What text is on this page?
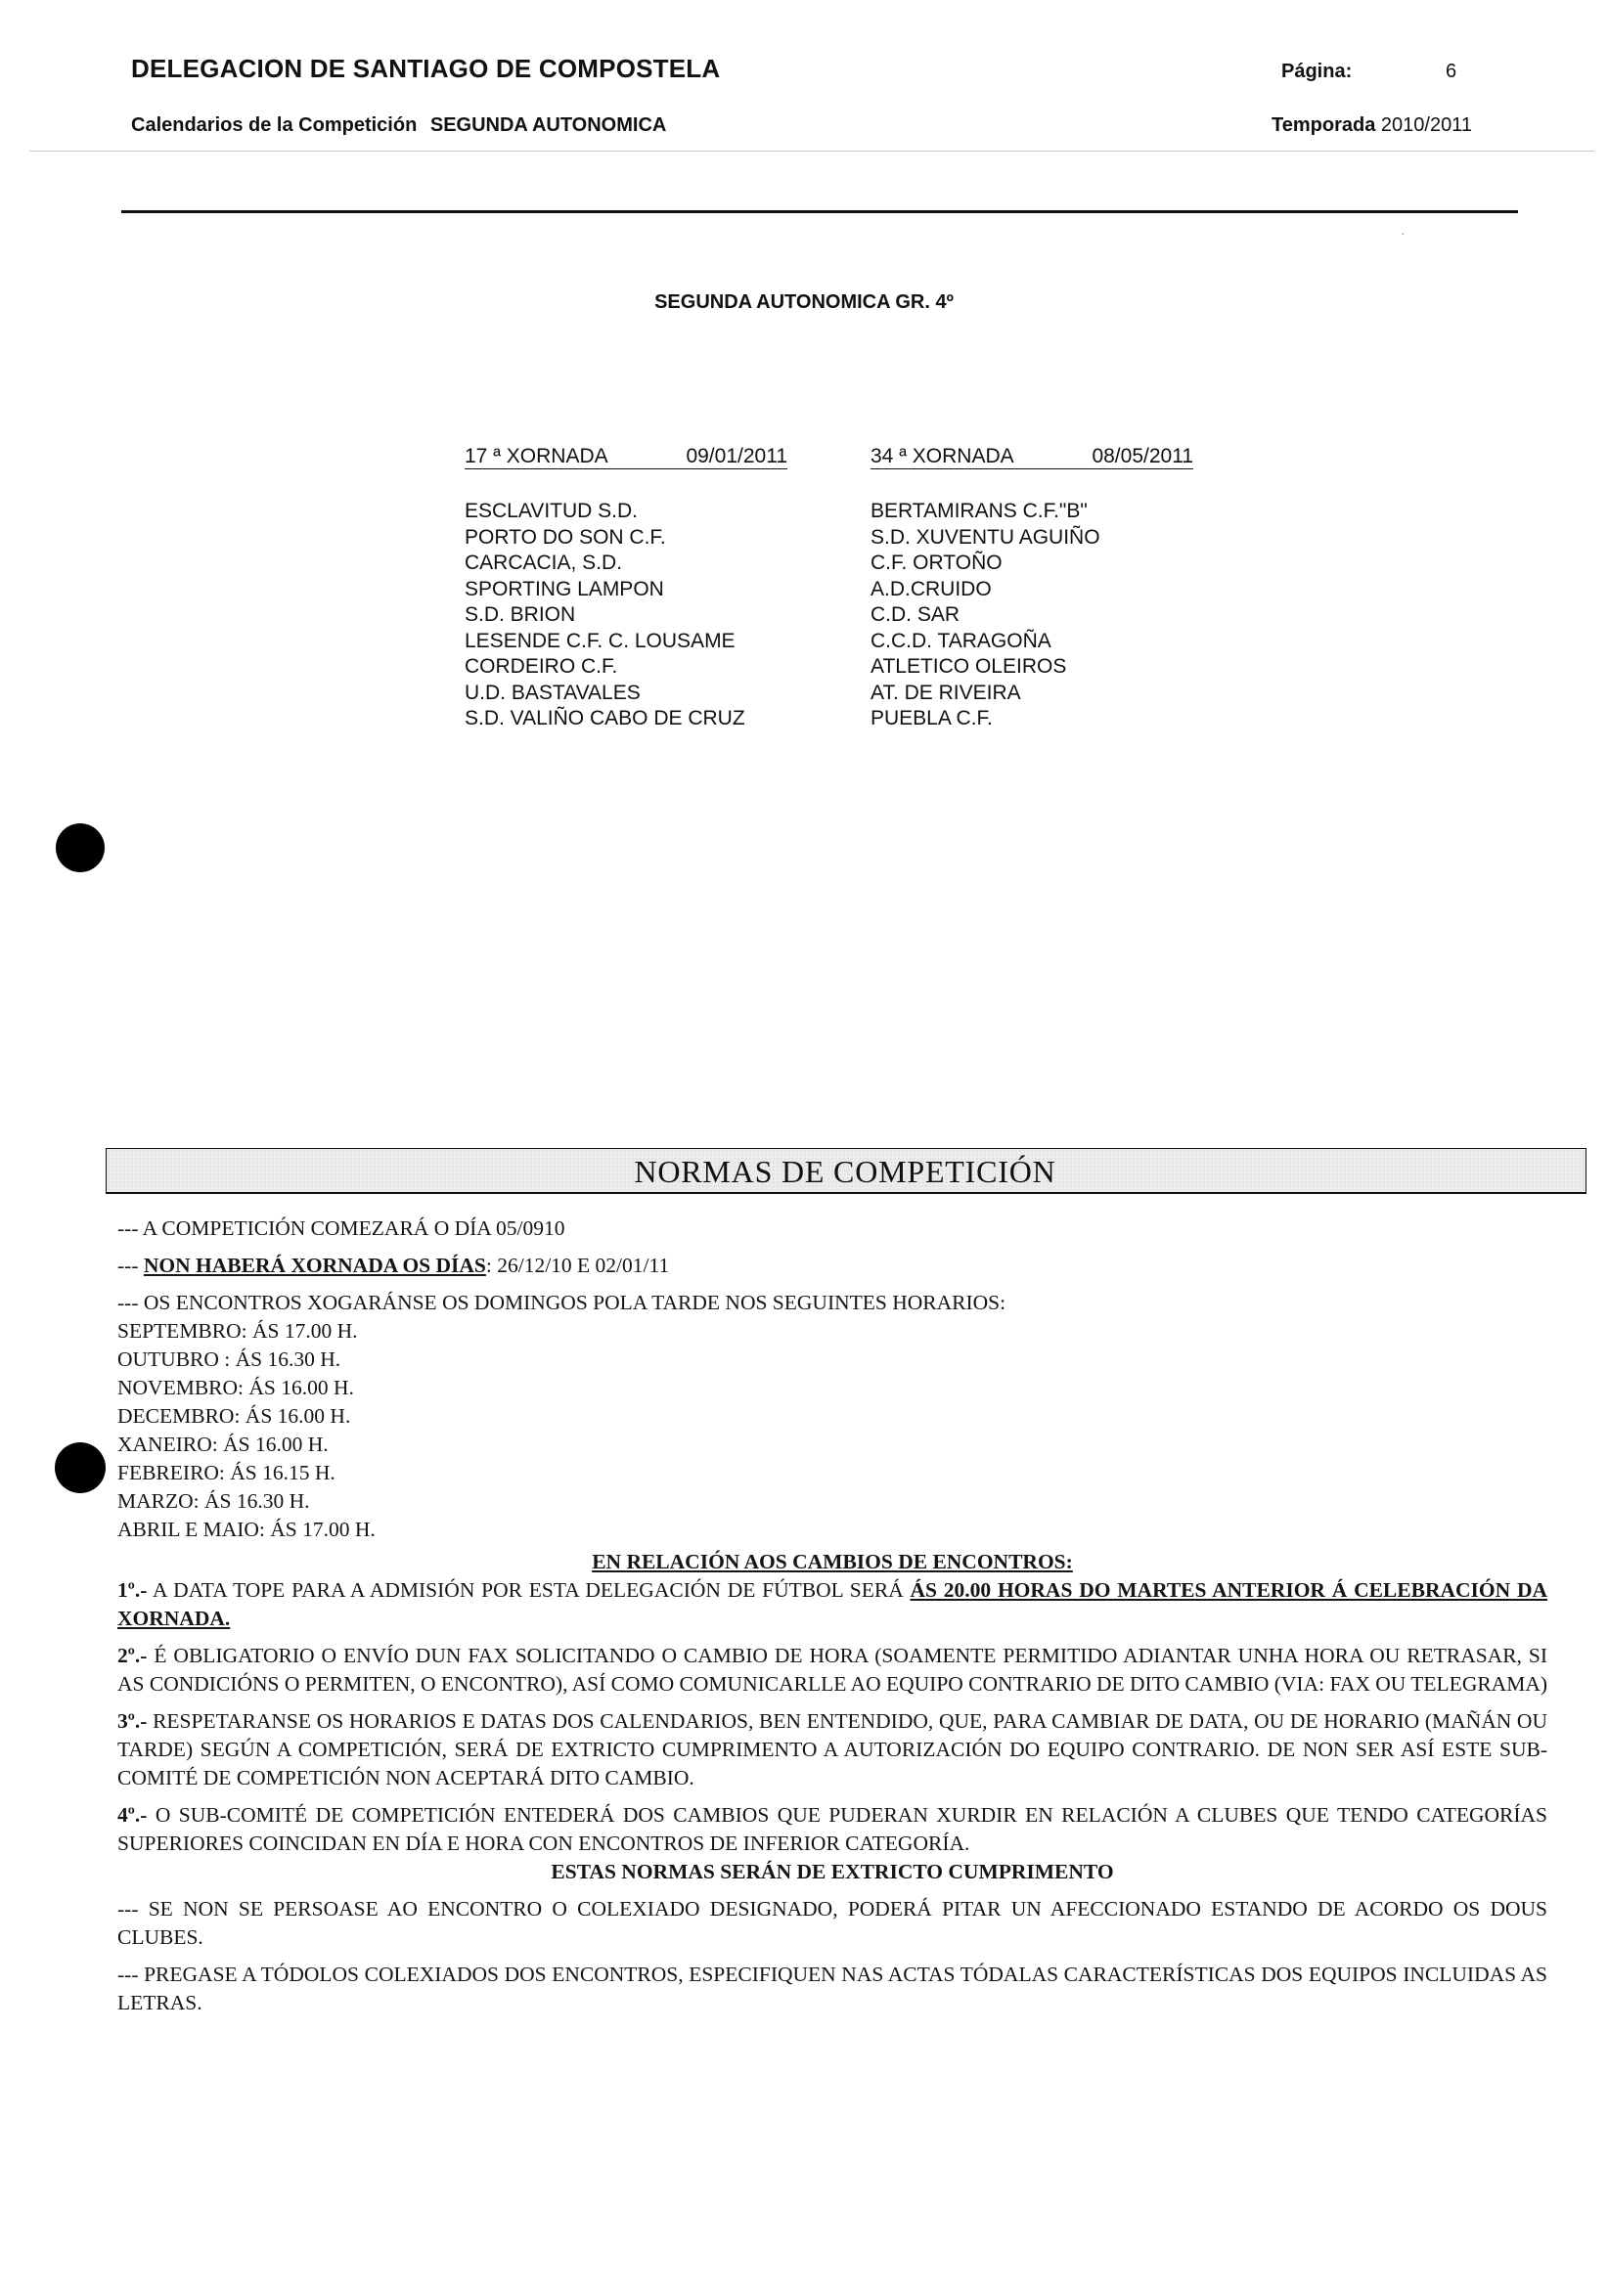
DELEGACION DE SANTIAGO DE COMPOSTELA	Página:	6
Calendarios de la Competición SEGUNDA AUTONOMICA	Temporada 2010/2011
SEGUNDA AUTONOMICA GR. 4º
17 ª XORNADA	09/01/2011
ESCLAVITUD S.D.
PORTO DO SON C.F.
CARCACIA, S.D.
SPORTING LAMPON
S.D. BRION
LESENDE C.F. C. LOUSAME
CORDEIRO C.F.
U.D. BASTAVALES
S.D. VALIÑO CABO DE CRUZ
34 ª XORNADA	08/05/2011
BERTAMIRANS C.F."B"
S.D. XUVENTU AGUIÑO
C.F. ORTOÑO
A.D.CRUIDO
C.D. SAR
C.C.D. TARAGOÑA
ATLETICO OLEIROS
AT. DE RIVEIRA
PUEBLA C.F.
NORMAS DE COMPETICIÓN

--- A COMPETICIÓN COMEZARÁ O DÍA 05/0910

--- NON HABERÁ XORNADA OS DÍAS: 26/12/10 E 02/01/11

--- OS ENCONTROS XOGARÁNSE OS DOMINGOS POLA TARDE NOS SEGUINTES HORARIOS:

SEPTEMBRO: ÁS 17.00 H.

OUTUBRO : ÁS 16.30 H.

NOVEMBRO: ÁS 16.00 H.

DECEMBRO: ÁS 16.00 H.

XANEIRO: ÁS 16.00 H.

FEBREIRO: ÁS 16.15 H.

MARZO: ÁS 16.30 H.

ABRIL E MAIO: ÁS 17.00 H.

EN RELACIÓN AOS CAMBIOS DE ENCONTROS:

1º.- A DATA TOPE PARA A ADMISIÓN POR ESTA DELEGACIÓN DE FÚTBOL SERÁ ÁS 20.00 HORAS DO MARTES ANTERIOR Á CELEBRACIÓN DA XORNADA.

2º.- É OBLIGATORIO O ENVÍO DUN FAX SOLICITANDO O CAMBIO DE HORA (SOAMENTE PERMITIDO ADIANTAR UNHA HORA OU RETRASAR, SI AS CONDICIÓNS O PERMITEN, O ENCONTRO), ASÍ COMO COMUNICARLLE AO EQUIPO CONTRARIO DE DITO CAMBIO (VIA: FAX OU TELEGRAMA)

3º.- RESPETARANSE OS HORARIOS E DATAS DOS CALENDARIOS, BEN ENTENDIDO, QUE, PARA CAMBIAR DE DATA, OU DE HORARIO (MAÑÁN OU TARDE) SEGÚN A COMPETICIÓN, SERÁ DE EXTRICTO CUMPRIMENTO A AUTORIZACIÓN DO EQUIPO CONTRARIO. DE NON SER ASÍ ESTE SUB-COMITÉ DE COMPETICIÓN NON ACEPTARÁ DITO CAMBIO.

4º.- O SUB-COMITÉ DE COMPETICIÓN ENTEDERÁ DOS CAMBIOS QUE PUDERAN XURDIR EN RELACIÓN A CLUBES QUE TENDO CATEGORÍAS SUPERIORES COINCIDAN EN DÍA E HORA CON ENCONTROS DE INFERIOR CATEGORÍA.

ESTAS NORMAS SERÁN DE EXTRICTO CUMPRIMENTO

--- SE NON SE PERSOASE AO ENCONTRO O COLEXIADO DESIGNADO, PODERÁ PITAR UN AFECCIONADO ESTANDO DE ACORDO OS DOUS CLUBES.

--- PREGASE A TÓDOLOS COLEXIADOS DOS ENCONTROS, ESPECIFIQUEN NAS ACTAS TÓDALAS CARACTERÍSTICAS DOS EQUIPOS INCLUIDAS AS LETRAS.

·
